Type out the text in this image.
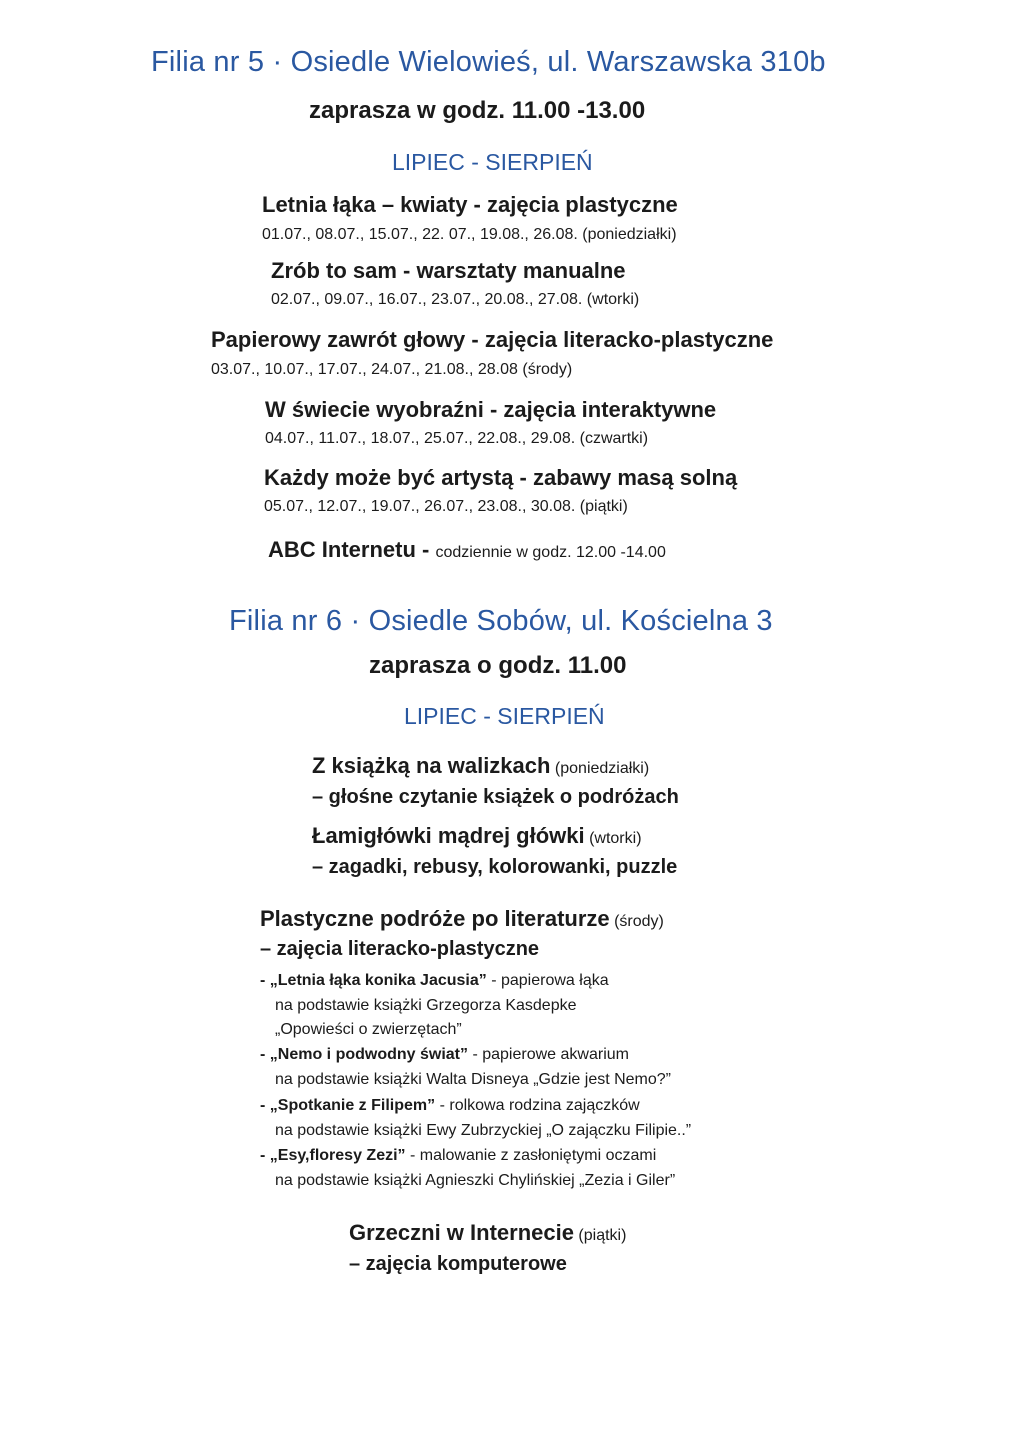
Filia nr 5 · Osiedle Wielowieś, ul. Warszawska 310b
zaprasza w godz. 11.00 -13.00
LIPIEC - SIERPIEŃ
Letnia łąka – kwiaty - zajęcia plastyczne
01.07., 08.07., 15.07., 22. 07., 19.08., 26.08. (poniedziałki)
Zrób to sam - warsztaty manualne
02.07., 09.07., 16.07., 23.07., 20.08., 27.08. (wtorki)
Papierowy zawrót głowy - zajęcia literacko-plastyczne
03.07., 10.07., 17.07., 24.07., 21.08., 28.08 (środy)
W świecie wyobraźni - zajęcia interaktywne
04.07., 11.07., 18.07., 25.07., 22.08., 29.08. (czwartki)
Każdy może być artystą - zabawy masą solną
05.07., 12.07., 19.07., 26.07., 23.08., 30.08. (piątki)
ABC Internetu - codziennie w godz. 12.00 -14.00
Filia nr 6 · Osiedle Sobów, ul. Kościelna 3
zaprasza o godz. 11.00
LIPIEC - SIERPIEŃ
Z książką na walizkach (poniedziałki)
– głośne czytanie książek o podróżach
Łamigłówki mądrej główki (wtorki)
– zagadki, rebusy, kolorowanki, puzzle
Plastyczne podróże po literaturze (środy)
– zajęcia literacko-plastyczne
- „Letnia łąka konika Jacusia” - papierowa łąka
na podstawie książki Grzegorza Kasdepke
„Opowieści o zwierzętach”
- „Nemo i podwodny świat” - papierowe akwarium
na podstawie książki Walta Disneya „Gdzie jest Nemo?”
- „Spotkanie z Filipem” - rolkowa rodzina zajączków
na podstawie książki Ewy Zubrzyckiej „O zajączku Filipie..”
- „Esy,floresy Zezi” - malowanie z zasłoniętymi oczami
na podstawie książki Agnieszki Chylińskiej „Zezia i Giler”
Grzeczni w Internecie (piątki)
– zajęcia komputerowe
